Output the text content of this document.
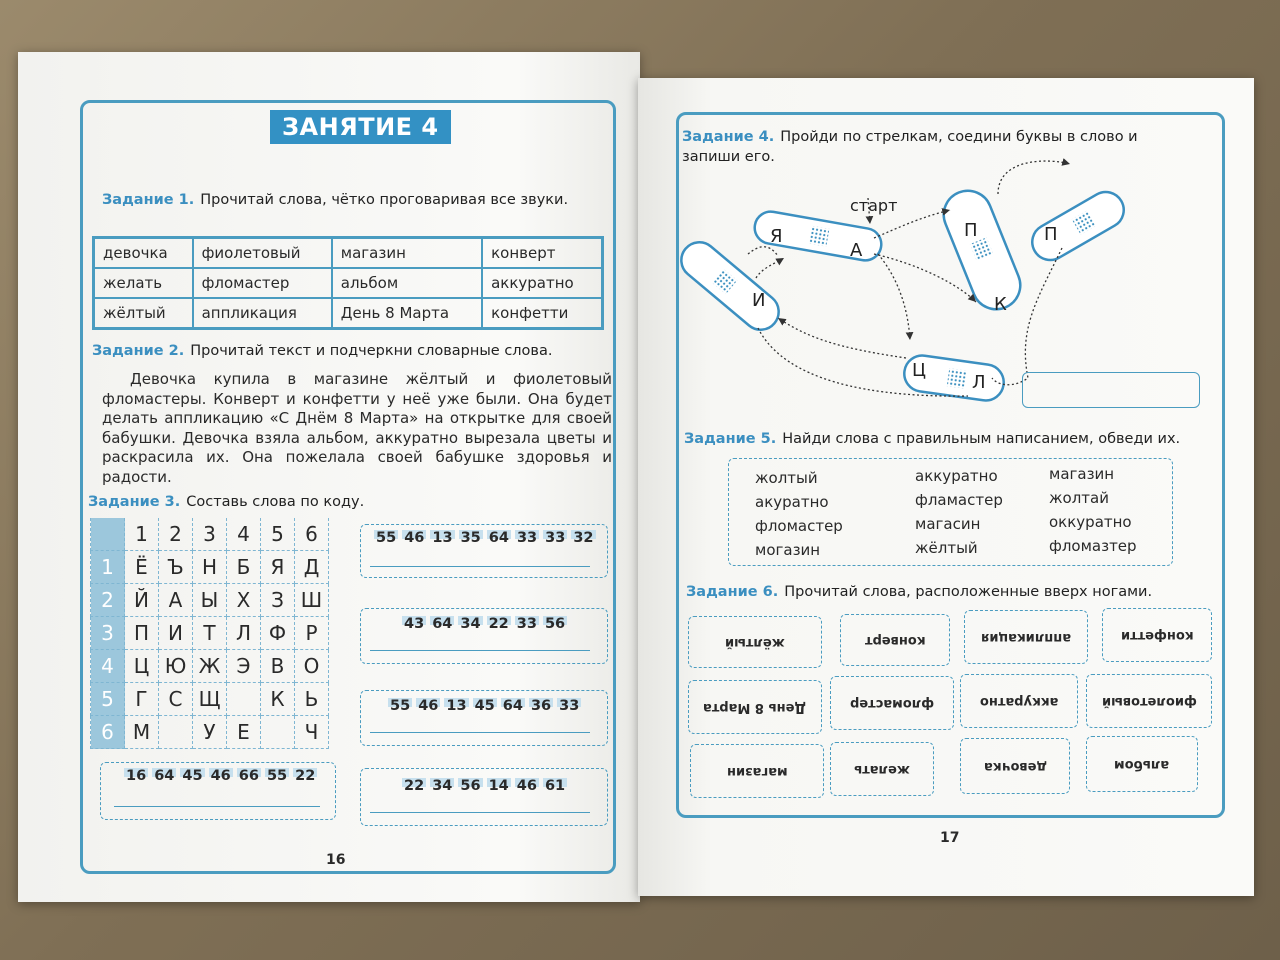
ЗАНЯТИЕ 4
Задание 1. Прочитай слова, чётко проговаривая все звуки.
девочка	фиолетовый	магазин	конверт
желать	фломастер	альбом	аккуратно
жёлтый	аппликация	День 8 Марта	конфетти
Задание 2. Прочитай текст и подчеркни словарные слова.
Девочка купила в магазине жёлтый и фиолетовый фломастеры. Конверт и конфетти у неё уже были. Она будет делать аппликацию «С Днём 8 Марта» на открытке для своей бабушки. Девочка взяла альбом, аккуратно вырезала цветы и раскрасила их. Она пожелала своей бабушке здоровья и радости.
Задание 3. Составь слова по коду.
	1	2	3	4	5	6
1	Ё	Ъ	Н	Б	Я	Д
2	Й	А	Ы	Х	З	Ш
3	П	И	Т	Л	Ф	Р
4	Ц	Ю	Ж	Э	В	О
5	Г	С	Щ		К	Ь
6	М		У	Е		Ч
55 46 13 35 64 33 33 32
43 64 34 22 33 56
55 46 13 45 64 36 33
22 34 56 14 46 61
16 64 45 46 66 55 22
16
Задание 4. Пройди по стрелкам, соедини буквы в слово и
запиши его.
старт
Я
А
П	П
И	К
Ц
Л
Задание 5. Найди слова с правильным написанием, обведи их.
жолтый
акуратно
фломастер
могазин
аккуратно
фламастер
магасин
жёлтый
магазин
жолтай
оккуратно
фломазтер
Задание 6. Прочитай слова, расположенные вверх ногами.
жёлтый	конверт	аппликация	конфетти
День 8 Марта	фломастер	аккуратно	фиолетовый
магазин	желать	девочка	альбом
17
